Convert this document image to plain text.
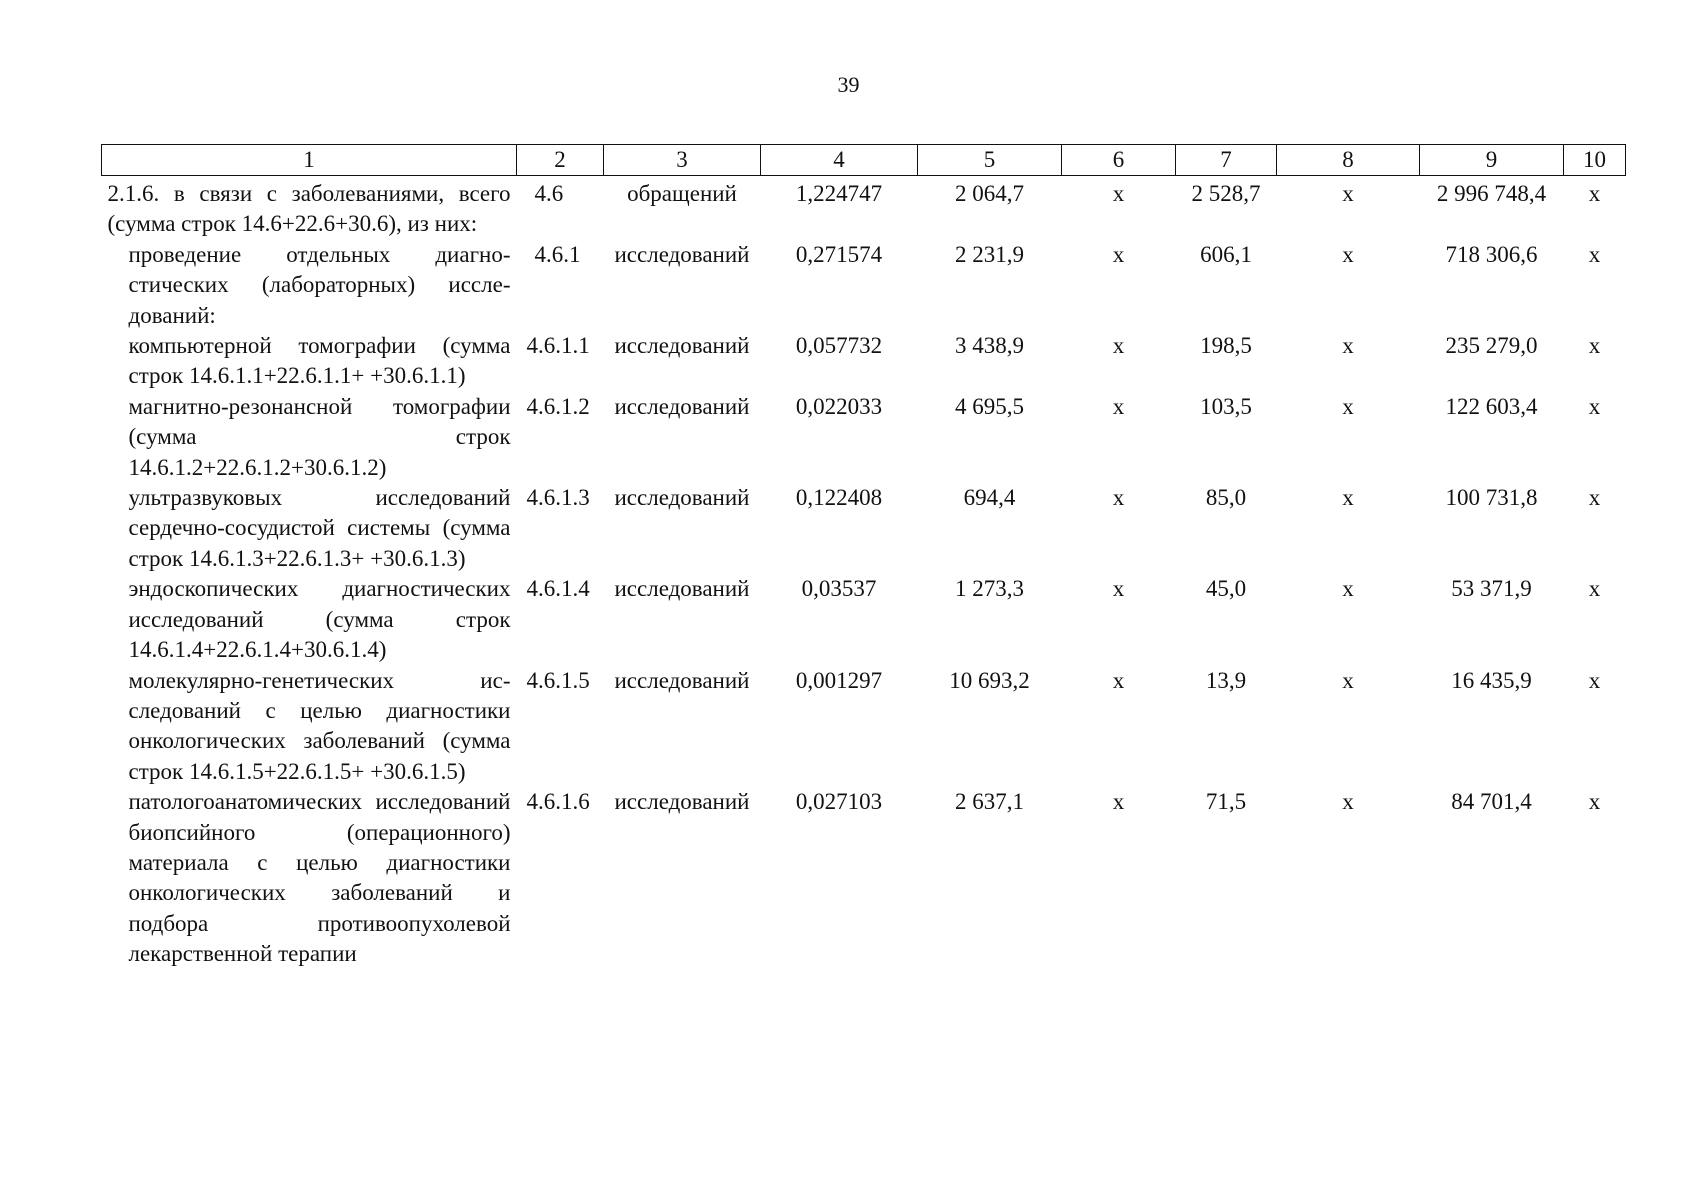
39
1	2	3	4	5	6	7	8	9	10
2.1.6. в связи с заболеваниями, всего (сумма строк 14.6+22.6+30.6), из них:	4.6	обращений	1,224747	2 064,7	х	2 528,7	х	2 996 748,4	х
проведение отдельных диагностических (лабораторных) исследований:	4.6.1	исследований	0,271574	2 231,9	х	606,1	х	718 306,6	х
компьютерной томографии (сумма строк 14.6.1.1+22.6.1.1+ +30.6.1.1)	4.6.1.1	исследований	0,057732	3 438,9	х	198,5	х	235 279,0	х
магнитно-резонансной томографии (сумма строк 14.6.1.2+22.6.1.2+30.6.1.2)	4.6.1.2	исследований	0,022033	4 695,5	х	103,5	х	122 603,4	х
ультразвуковых исследований сердечно-сосудистой системы (сумма строк 14.6.1.3+22.6.1.3+ +30.6.1.3)	4.6.1.3	исследований	0,122408	694,4	х	85,0	х	100 731,8	х
эндоскопических диагностических исследований (сумма строк 14.6.1.4+22.6.1.4+30.6.1.4)	4.6.1.4	исследований	0,03537	1 273,3	х	45,0	х	53 371,9	х
молекулярно-генетических исследований с целью диагностики онкологических заболеваний (сумма строк 14.6.1.5+22.6.1.5+ +30.6.1.5)	4.6.1.5	исследований	0,001297	10 693,2	х	13,9	х	16 435,9	х
патологоанатомических исследований биопсийного (операционного) материала с целью диагностики онкологических заболеваний и подбора противоопухолевой лекарственной терапии	4.6.1.6	исследований	0,027103	2 637,1	х	71,5	х	84 701,4	х
